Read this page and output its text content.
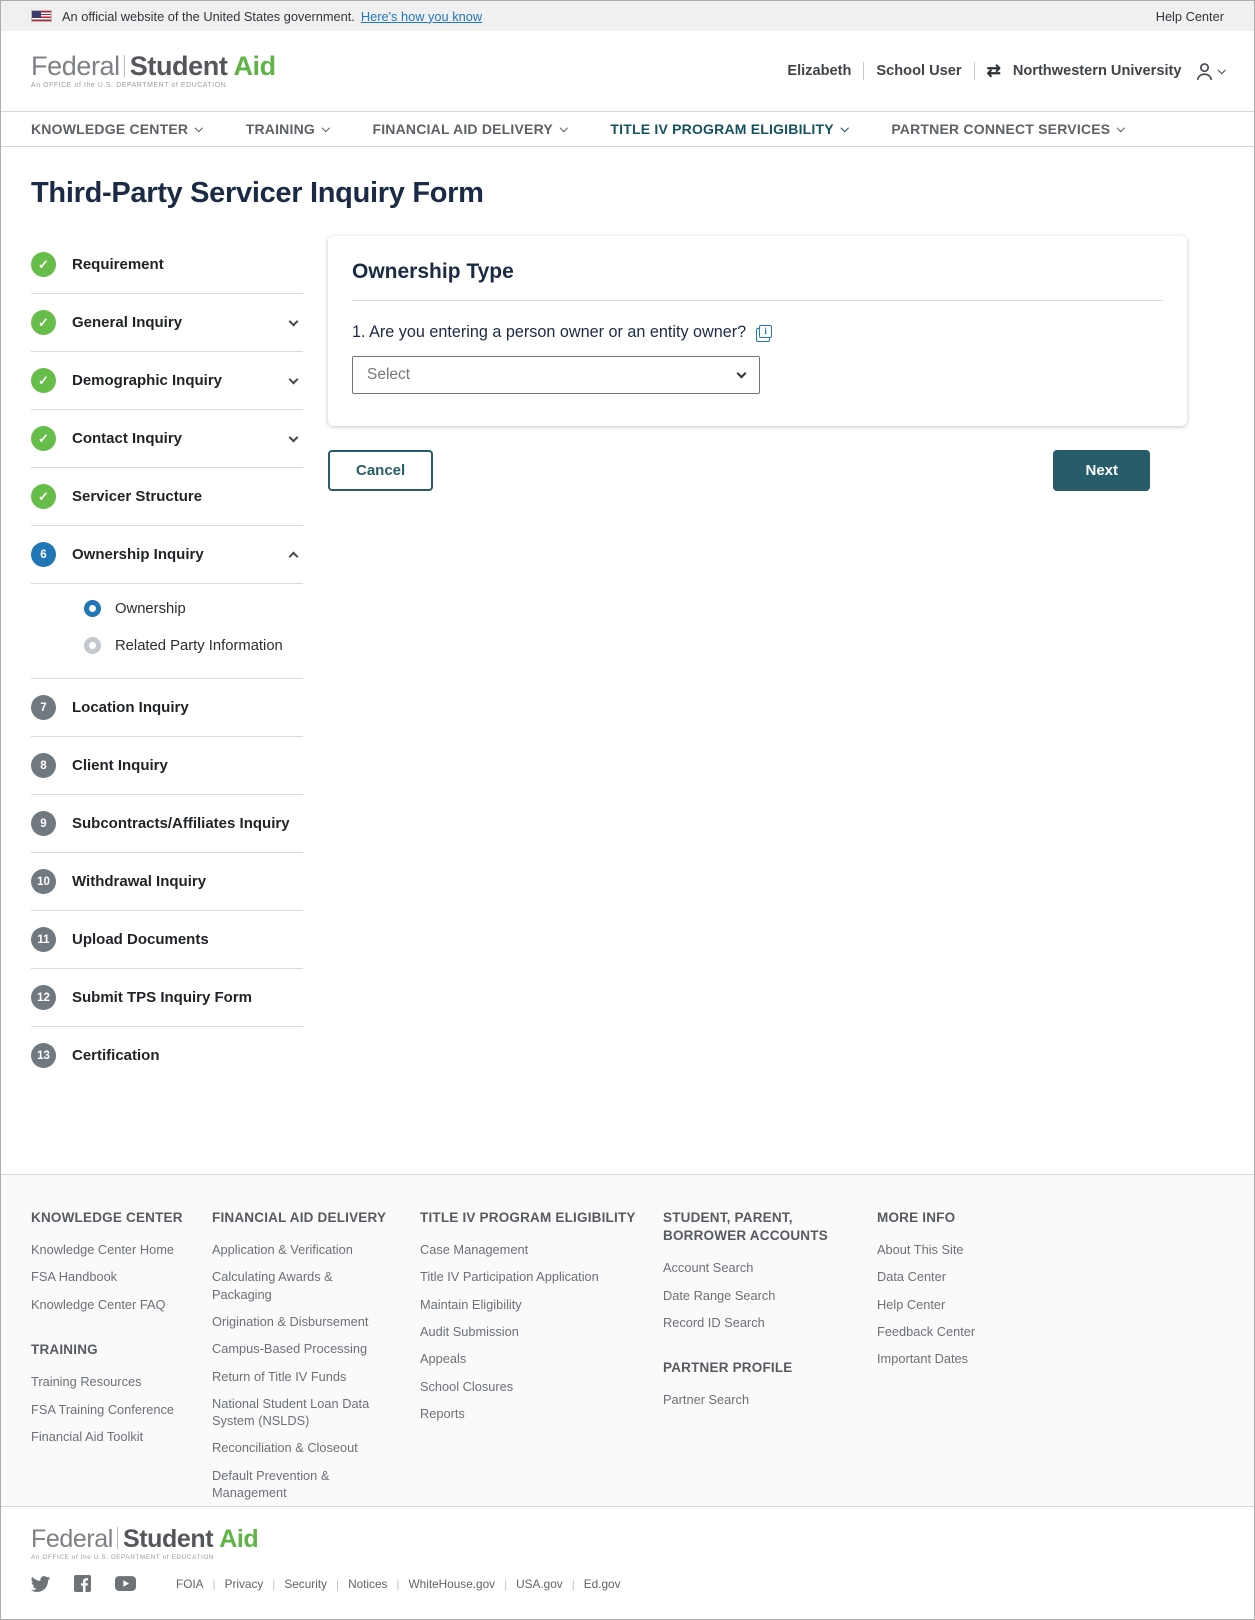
An official website of the United States government. Here's how you know	Help Center
Federal Student Aid
An OFFICE of the U.S. DEPARTMENT of EDUCATION
Elizabeth School User ⇄ Northwestern University
KNOWLEDGE CENTER	TRAINING	FINANCIAL AID DELIVERY	TITLE IV PROGRAM ELIGIBILITY	PARTNER CONNECT SERVICES
Third-Party Servicer Inquiry Form
✓
Requirement
✓
General Inquiry
✓
Demographic Inquiry
✓
Contact Inquiry
✓
Servicer Structure
6	Ownership Inquiry
Ownership
Related Party Information
7	Location Inquiry
8	Client Inquiry
9	Subcontracts/Affiliates Inquiry
10	Withdrawal Inquiry
11	Upload Documents
12	Submit TPS Inquiry Form
13	Certification
Ownership Type
1. Are you entering a person owner or an entity owner?	i
Select
Cancel	Next
KNOWLEDGE CENTER
Knowledge Center Home
FSA Handbook
Knowledge Center FAQ
TRAINING
Training Resources
FSA Training Conference
Financial Aid Toolkit
FINANCIAL AID DELIVERY
Application & Verification
Calculating Awards & Packaging
Origination & Disbursement
Campus-Based Processing
Return of Title IV Funds
National Student Loan Data System (NSLDS)
Reconciliation & Closeout
Default Prevention & Management
TITLE IV PROGRAM ELIGIBILITY
Case Management
Title IV Participation Application
Maintain Eligibility
Audit Submission
Appeals
School Closures
Reports
STUDENT, PARENT, BORROWER ACCOUNTS
Account Search
Date Range Search
Record ID Search
PARTNER PROFILE
Partner Search
MORE INFO
About This Site
Data Center
Help Center
Feedback Center
Important Dates
Federal Student Aid
An OFFICE of the U.S. DEPARTMENT of EDUCATION
FOIA	| Privacy	| Security	| Notices	| WhiteHouse.gov	| USA.gov	| Ed.gov
